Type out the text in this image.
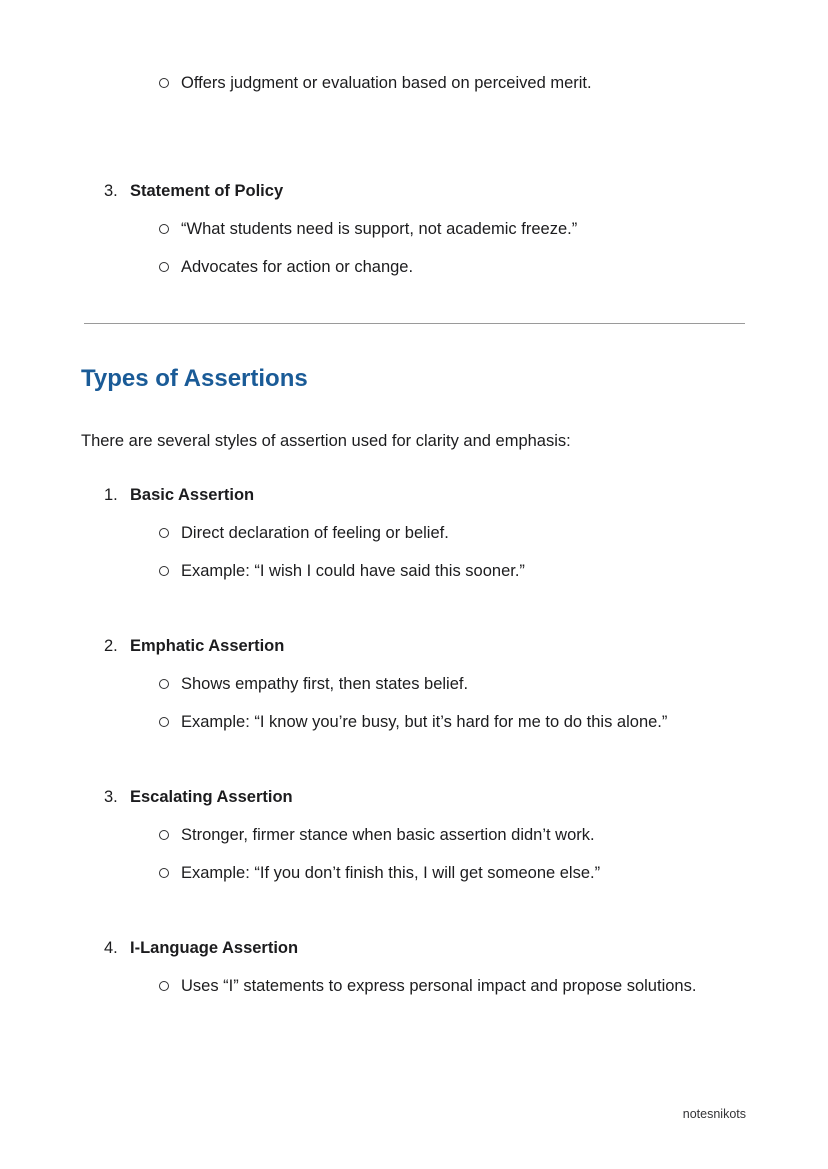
Offers judgment or evaluation based on perceived merit.
3. Statement of Policy
“What students need is support, not academic freeze.”
Advocates for action or change.
Types of Assertions

There are several styles of assertion used for clarity and emphasis:

1. Basic Assertion
Direct declaration of feeling or belief.
Example: “I wish I could have said this sooner.”
2. Emphatic Assertion
Shows empathy first, then states belief.
Example: “I know you’re busy, but it’s hard for me to do this alone.”
3. Escalating Assertion
Stronger, firmer stance when basic assertion didn’t work.
Example: “If you don’t finish this, I will get someone else.”
4. I-Language Assertion
Uses “I” statements to express personal impact and propose solutions.
notesnikots
